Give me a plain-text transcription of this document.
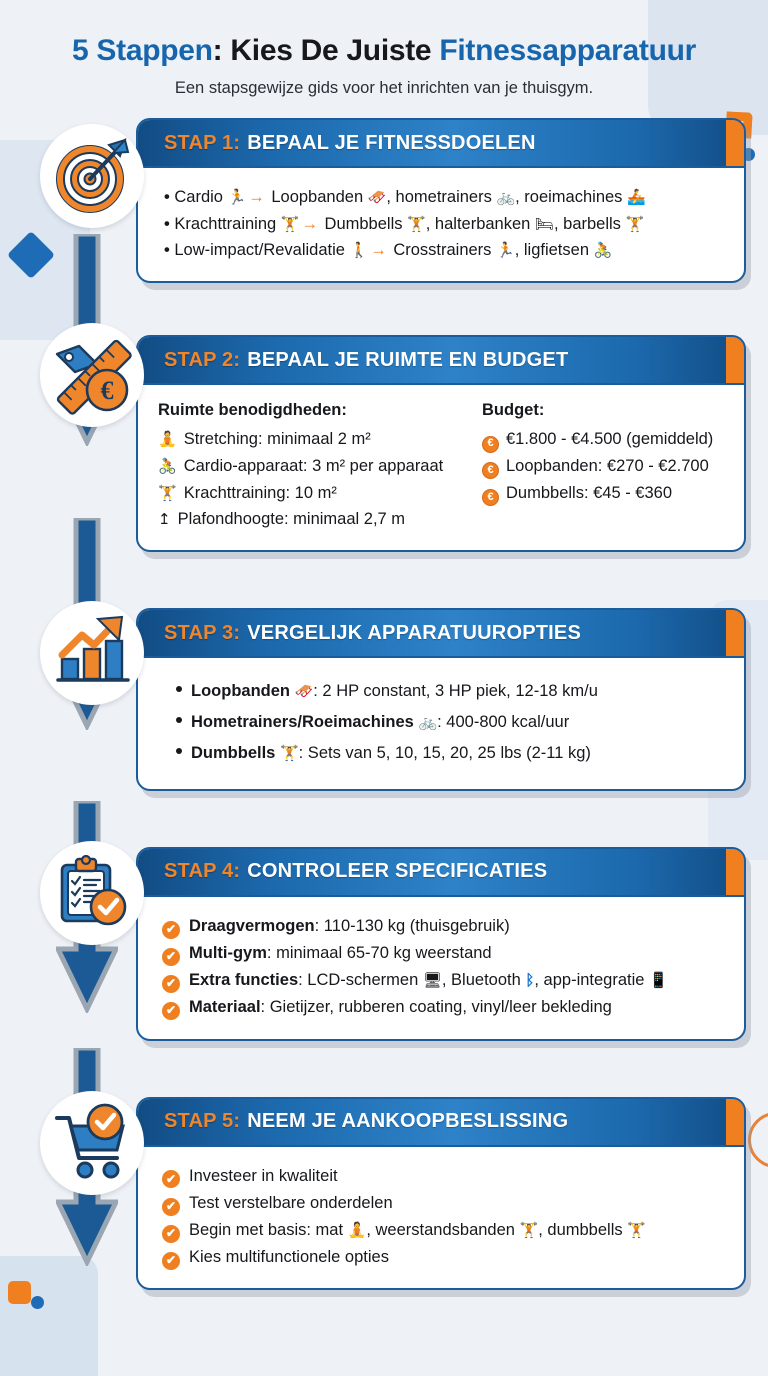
5 Stappen: Kies De Juiste Fitnessapparatuur
Een stapsgewijze gids voor het inrichten van je thuisgym.
STAP 1: BEPAAL JE FITNESSDOELEN
• Cardio 🏃 → Loopbanden 🛷, hometrainers 🚲, roeimachines 🚣
• Krachttraining 🏋 → Dumbbells 🏋, halterbanken 🛏, barbells 🏋
• Low-impact/Revalidatie 🚶 → Crosstrainers 🏃, ligfietsen 🚴
€
STAP 2: BEPAAL JE RUIMTE EN BUDGET
Ruimte benodigdheden:
🧘 Stretching: minimaal 2 m²
🚴 Cardio-apparaat: 3 m² per apparaat
🏋 Krachttraining: 10 m²
↥ Plafondhoogte: minimaal 2,7 m
Budget:
€ €1.800 - €4.500 (gemiddeld)
€ Loopbanden: €270 - €2.700
€ Dumbbells: €45 - €360
STAP 3: VERGELIJK APPARATUUROPTIES
Loopbanden 🛷: 2 HP constant, 3 HP piek, 12-18 km/u
Hometrainers/Roeimachines 🚲: 400-800 kcal/uur
Dumbbells 🏋: Sets van 5, 10, 15, 20, 25 lbs (2-11 kg)
STAP 4: CONTROLEER SPECIFICATIES
✔ Draagvermogen: 110-130 kg (thuisgebruik)
✔ Multi-gym: minimaal 65-70 kg weerstand
✔ Extra functies: LCD-schermen 🖥, Bluetooth ᛒ, app-integratie 📱
✔ Materiaal: Gietijzer, rubberen coating, vinyl/leer bekleding
STAP 5: NEEM JE AANKOOPBESLISSING
✔ Investeer in kwaliteit
✔ Test verstelbare onderdelen
✔ Begin met basis: mat 🧘, weerstandsbanden 🏋, dumbbells 🏋
✔ Kies multifunctionele opties
